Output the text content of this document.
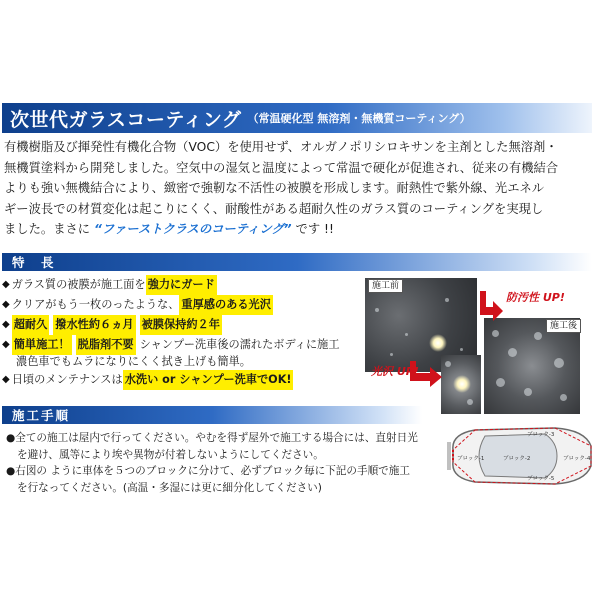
次世代ガラスコーティング （常温硬化型 無溶剤・無機質コーティング）
有機樹脂及び揮発性有機化合物（VOC）を使用せず、オルガノポリシロキサンを主剤とした無溶剤・
無機質塗料から開発しました。空気中の湿気と温度によって常温で硬化が促進され、従来の有機結合
よりも強い無機結合により、緻密で強靭な不活性の被膜を形成します。耐熱性で紫外線、光エネル
ギー波長での材質変化は起こりにくく、耐酸性がある超耐久性のガラス質のコーティングを実現し
ました。まさに “ファーストクラスのコーティング” です !!
特　長
◆ ガラス質の被膜が施工面を 強力にガード
◆ クリアがもう一枚のったような、 重厚感のある光沢
◆ 超耐久 撥水性約６ヵ月 被膜保持約２年
◆ 簡単施工！ 脱脂剤不要 シャンプー洗車後の濡れたボディに施工
濃色車でもムラになりにくく拭き上げも簡単。
◆ 日頃のメンテナンスは 水洗い or シャンプー洗車でOK!
施工前
施工後
防汚性 UP!
光沢 UP!
施工手順
●全ての施工は屋内で行ってください。やむを得ず屋外で施工する場合には、直射日光
を避け、風等により埃や異物が付着しないようにしてください。
●右図の ように車体を５つのブロックに分けて、必ずブロック毎に下記の手順で施工
を行なってください。(高温・多湿には更に細分化してください)
ブロック-1	ブロック-2
ブロック-3
ブロック-4
ブロック-5
